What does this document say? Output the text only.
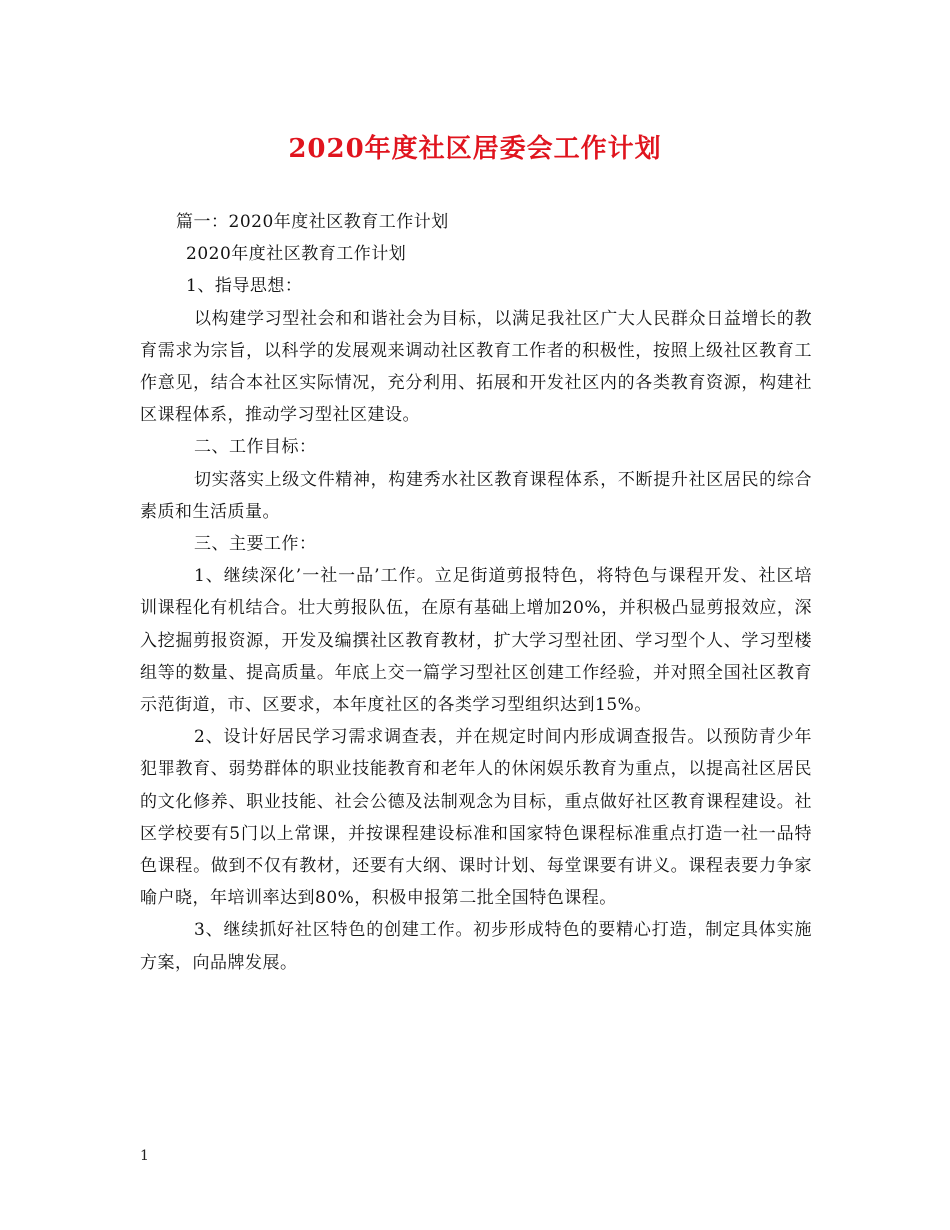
2020年度社区居委会工作计划

篇一：2020年度社区教育工作计划

2020年度社区教育工作计划

1、指导思想：

以构建学习型社会和和谐社会为目标，以满足我社区广大人民群众日益增长的教育需求为宗旨，以科学的发展观来调动社区教育工作者的积极性，按照上级社区教育工作意见，结合本社区实际情况，充分利用、拓展和开发社区内的各类教育资源，构建社区课程体系，推动学习型社区建设。

二、工作目标：

切实落实上级文件精神，构建秀水社区教育课程体系，不断提升社区居民的综合素质和生活质量。

三、主要工作：

1、继续深化’一社一品’工作。立足街道剪报特色，将特色与课程开发、社区培训课程化有机结合。壮大剪报队伍，在原有基础上增加20%，并积极凸显剪报效应，深入挖掘剪报资源，开发及编撰社区教育教材，扩大学习型社团、学习型个人、学习型楼组等的数量、提高质量。年底上交一篇学习型社区创建工作经验，并对照全国社区教育示范街道，市、区要求，本年度社区的各类学习型组织达到15%。

2、设计好居民学习需求调查表，并在规定时间内形成调查报告。以预防青少年犯罪教育、弱势群体的职业技能教育和老年人的休闲娱乐教育为重点，以提高社区居民的文化修养、职业技能、社会公德及法制观念为目标，重点做好社区教育课程建设。社区学校要有5门以上常课，并按课程建设标准和国家特色课程标准重点打造一社一品特色课程。做到不仅有教材，还要有大纲、课时计划、每堂课要有讲义。课程表要力争家喻户晓，年培训率达到80%，积极申报第二批全国特色课程。

3、继续抓好社区特色的创建工作。初步形成特色的要精心打造，制定具体实施方案，向品牌发展。

1
